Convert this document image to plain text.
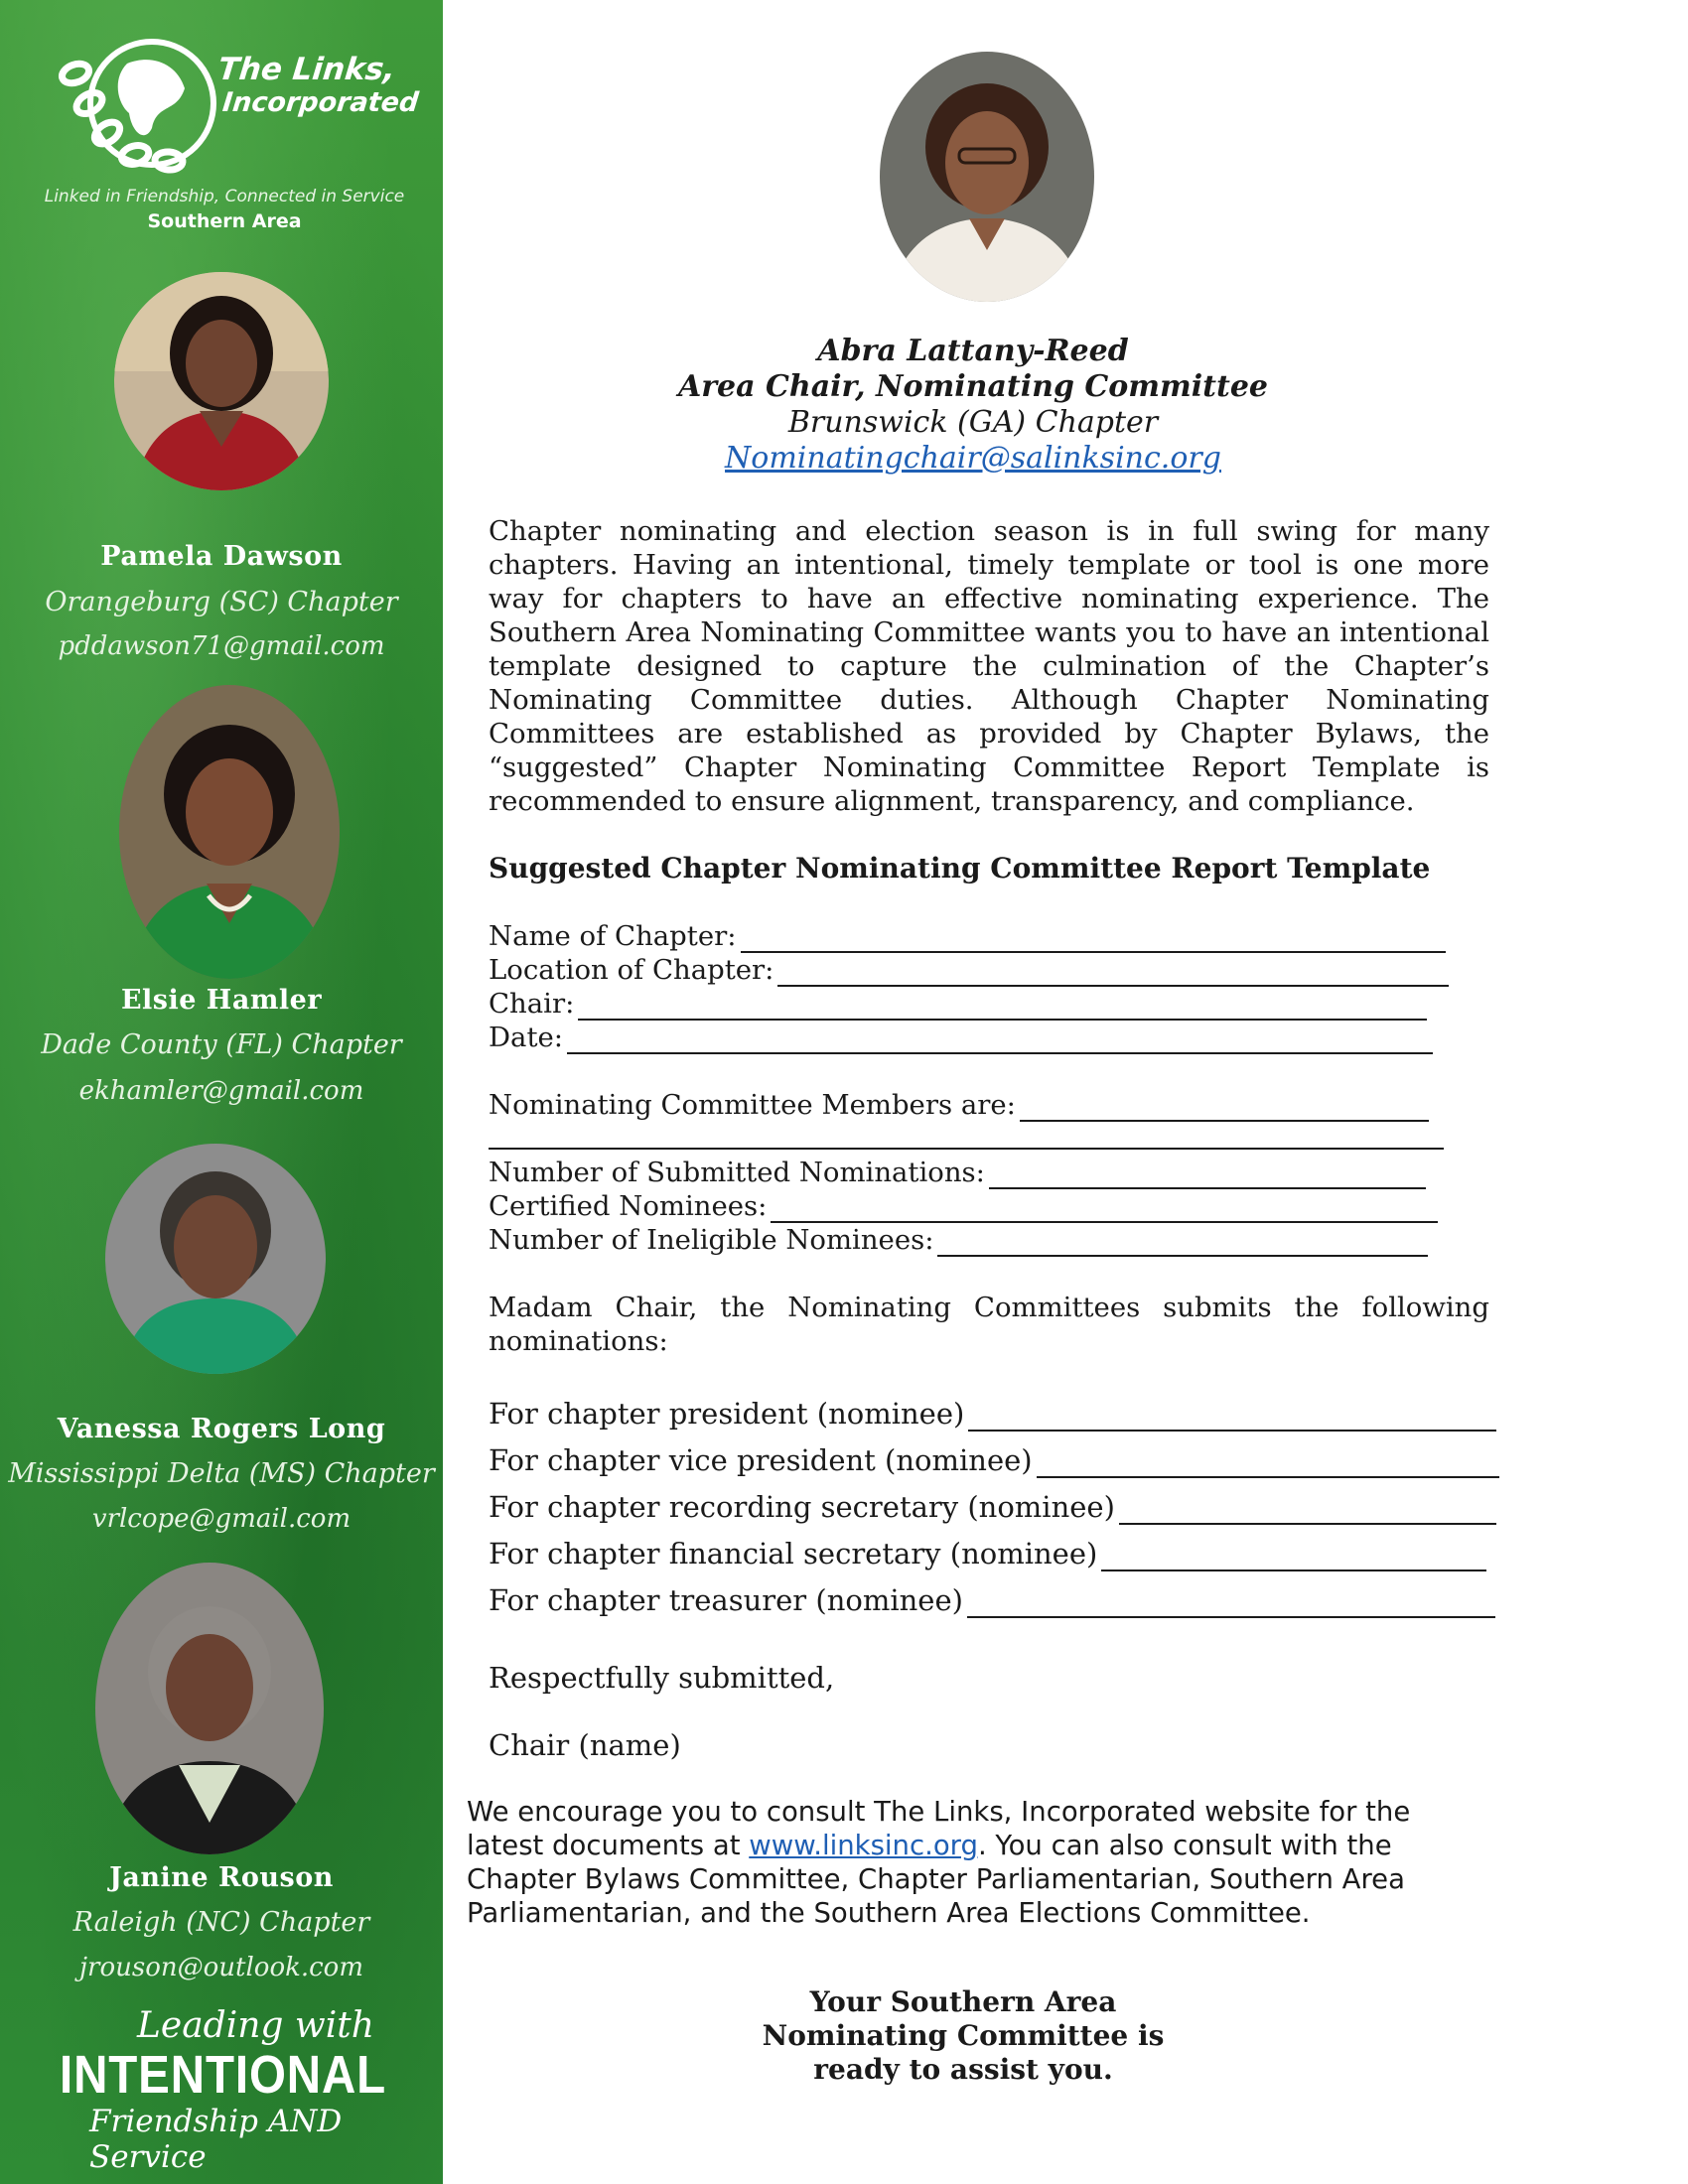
The Links,
Incorporated
Linked in Friendship, Connected in Service
Southern Area
Pamela Dawson
Orangeburg (SC) Chapter
pddawson71@gmail.com
Elsie Hamler
Dade County (FL) Chapter
ekhamler@gmail.com
Vanessa Rogers Long
Mississippi Delta (MS) Chapter
vrlcope@gmail.com
Janine Rouson
Raleigh (NC) Chapter
jrouson@outlook.com
Leading with
INTENTIONAL
Friendship AND Service
Abra Lattany-Reed
Area Chair, Nominating Committee
Brunswick (GA) Chapter
Nominatingchair@salinksinc.org
Chapter nominating and election season is in full swing for many chapters. Having an intentional, timely template or tool is one more way for chapters to have an effective nominating experience. The Southern Area Nominating Committee wants you to have an intentional template designed to capture the culmination of the Chapter’s Nominating Committee duties. Although Chapter Nominating Committees are established as provided by Chapter Bylaws, the “suggested” Chapter Nominating Committee Report Template is recommended to ensure alignment, transparency, and compliance.
Suggested Chapter Nominating Committee Report Template
Name of Chapter:
Location of Chapter:
Chair:
Date:
Nominating Committee Members are:
Number of Submitted Nominations:
Certified Nominees:
Number of Ineligible Nominees:
Madam Chair, the Nominating Committees submits the following nominations:
For chapter president (nominee)
For chapter vice president (nominee)
For chapter recording secretary (nominee)
For chapter financial secretary (nominee)
For chapter treasurer (nominee)
Respectfully submitted,
Chair (name)
We encourage you to consult The Links, Incorporated website for the latest documents at www.linksinc.org. You can also consult with the Chapter Bylaws Committee, Chapter Parliamentarian, Southern Area Parliamentarian, and the Southern Area Elections Committee.
Your Southern Area
Nominating Committee is
ready to assist you.
